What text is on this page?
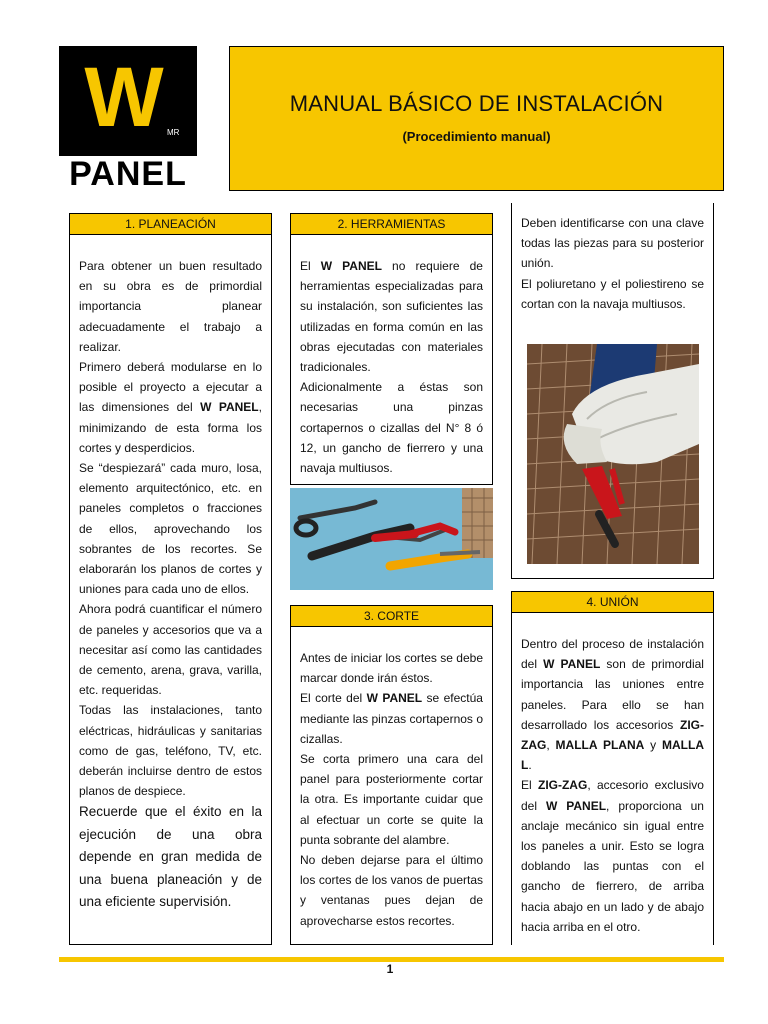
W MR
PANEL
MANUAL BÁSICO DE INSTALACIÓN
(Procedimiento manual)
1. PLANEACIÓN

Para obtener un buen resultado en su obra es de primordial importancia planear adecuadamente el trabajo a realizar.

Primero deberá modularse en lo posible el proyecto a ejecutar a las dimensiones del W PANEL, minimizando de esta forma los cortes y desperdicios.

Se “despiezará” cada muro, losa, elemento arquitectónico, etc. en paneles completos o fracciones de ellos, aprovechando los sobrantes de los recortes. Se elaborarán los planos de cortes y uniones para cada uno de ellos.

Ahora podrá cuantificar el número de paneles y accesorios que va a necesitar así como las cantidades de cemento, arena, grava, varilla, etc. requeridas.

Todas las instalaciones, tanto eléctricas, hidráulicas y sanitarias como de gas, teléfono, TV, etc. deberán incluirse dentro de estos planos de despiece.

Recuerde que el éxito en la ejecución de una obra depende en gran medida de una buena planeación y de una eficiente supervisión.

2. HERRAMIENTAS

El W PANEL no requiere de herramientas especializadas para su instalación, son suficientes las utilizadas en forma común en las obras ejecutadas con materiales tradicionales.

Adicionalmente a éstas son necesarias una pinzas cortapernos o cizallas del N° 8 ó 12, un gancho de fierrero y una navaja multiusos.

3. CORTE

Antes de iniciar los cortes se debe marcar donde irán éstos.

El corte del W PANEL se efectúa mediante las pinzas cortapernos o cizallas.

Se corta primero una cara del panel para posteriormente cortar la otra. Es importante cuidar que al efectuar un corte se quite la punta sobrante del alambre.

No deben dejarse para el último los cortes de los vanos de puertas y ventanas pues dejan de aprovecharse estos recortes.

Deben identificarse con una clave todas las piezas para su posterior unión.

El poliuretano y el poliestireno se cortan con la navaja multiusos.

4. UNIÓN

Dentro del proceso de instalación del W PANEL son de primordial importancia las uniones entre paneles. Para ello se han desarrollado los accesorios ZIG-ZAG, MALLA PLANA y MALLA L.

El ZIG-ZAG, accesorio exclusivo del W PANEL, proporciona un anclaje mecánico sin igual entre los paneles a unir. Esto se logra doblando las puntas con el gancho de fierrero, de arriba hacia abajo en un lado y de abajo hacia arriba en el otro.

1
